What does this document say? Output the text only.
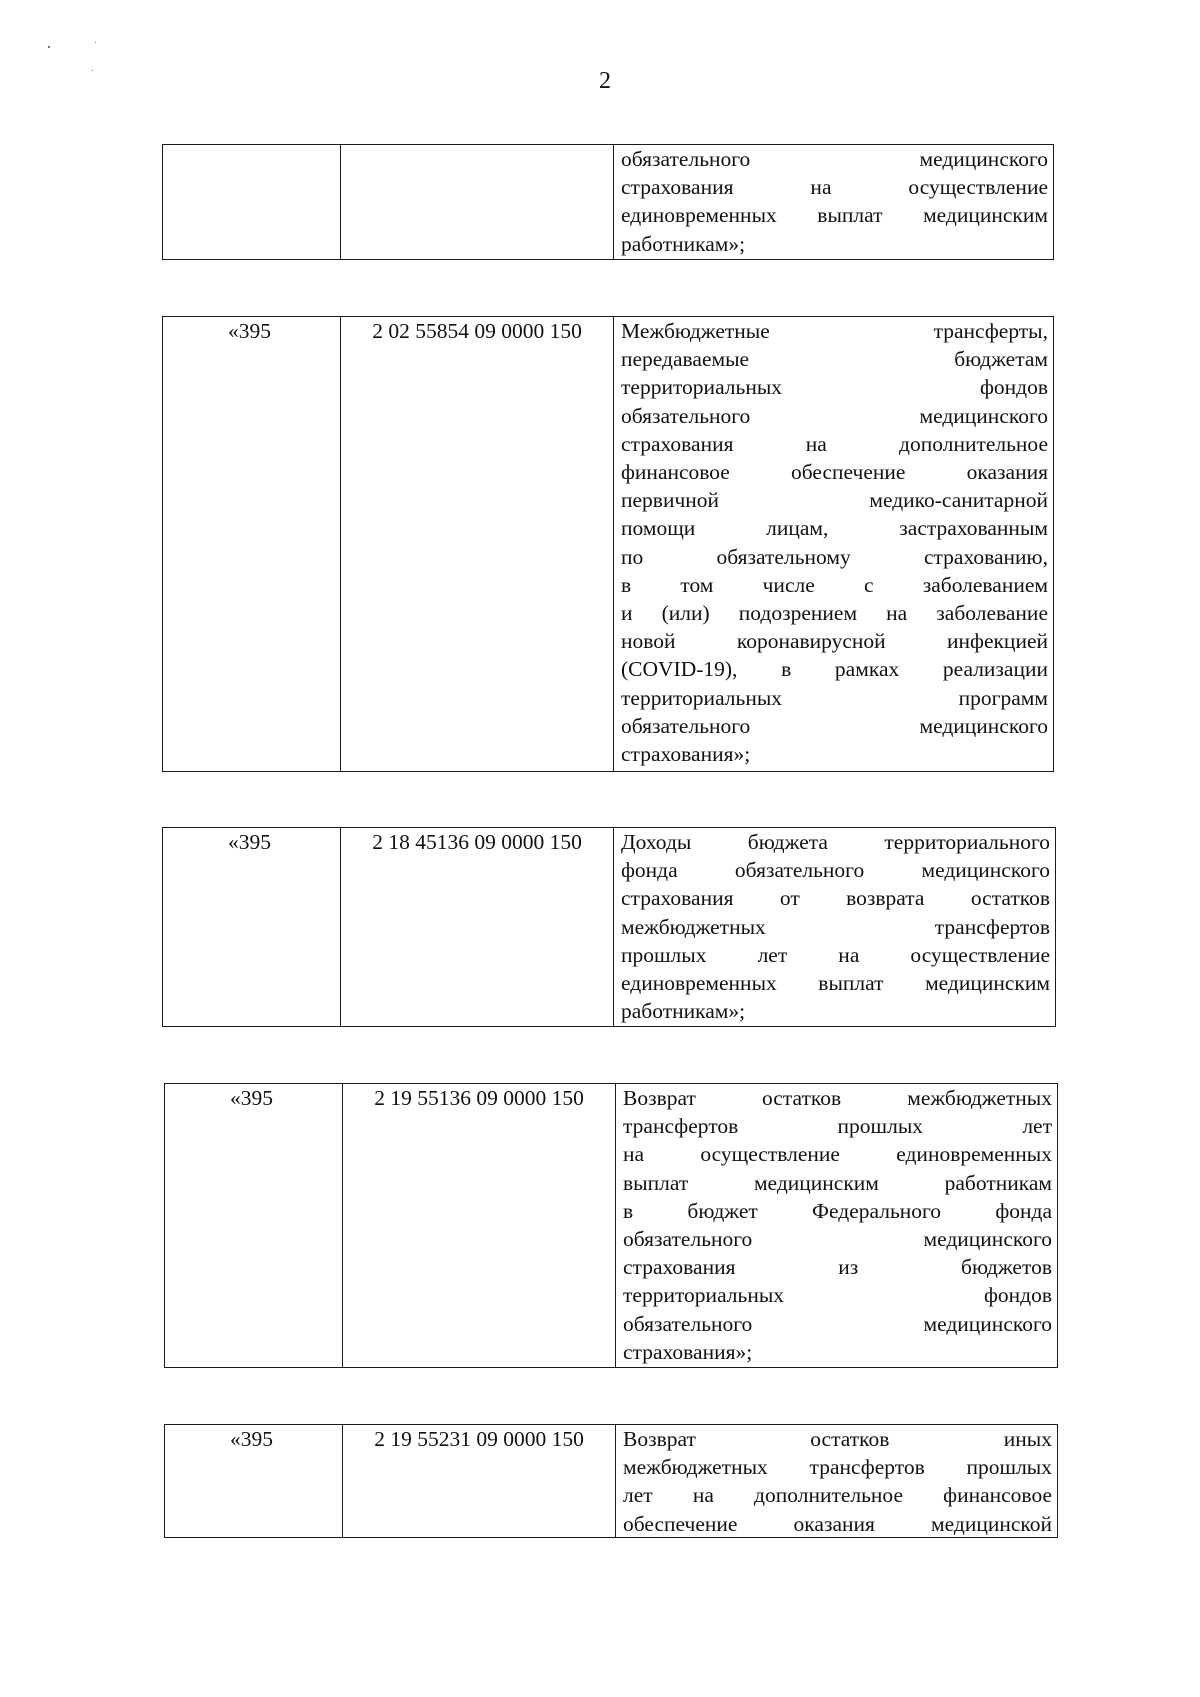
2
обязательного медицинского
страхования на осуществление
единовременных выплат медицинским
работникам»;
«395	2 02 55854 09 0000 150	Межбюджетные трансферты,
передаваемые бюджетам
территориальных фондов
обязательного медицинского
страхования на дополнительное
финансовое обеспечение оказания
первичной медико-санитарной
помощи лицам, застрахованным
по обязательному страхованию,
в том числе с заболеванием
и (или) подозрением на заболевание
новой коронавирусной инфекцией
(COVID-19), в рамках реализации
территориальных программ
обязательного медицинского
страхования»;
«395	2 18 45136 09 0000 150	Доходы бюджета территориального
фонда обязательного медицинского
страхования от возврата остатков
межбюджетных трансфертов
прошлых лет на осуществление
единовременных выплат медицинским
работникам»;
«395	2 19 55136 09 0000 150	Возврат остатков межбюджетных
трансфертов прошлых лет
на осуществление единовременных
выплат медицинским работникам
в бюджет Федерального фонда
обязательного медицинского
страхования из бюджетов
территориальных фондов
обязательного медицинского
страхования»;
«395	2 19 55231 09 0000 150	Возврат остатков иных
межбюджетных трансфертов прошлых
лет на дополнительное финансовое
обеспечение оказания медицинской
